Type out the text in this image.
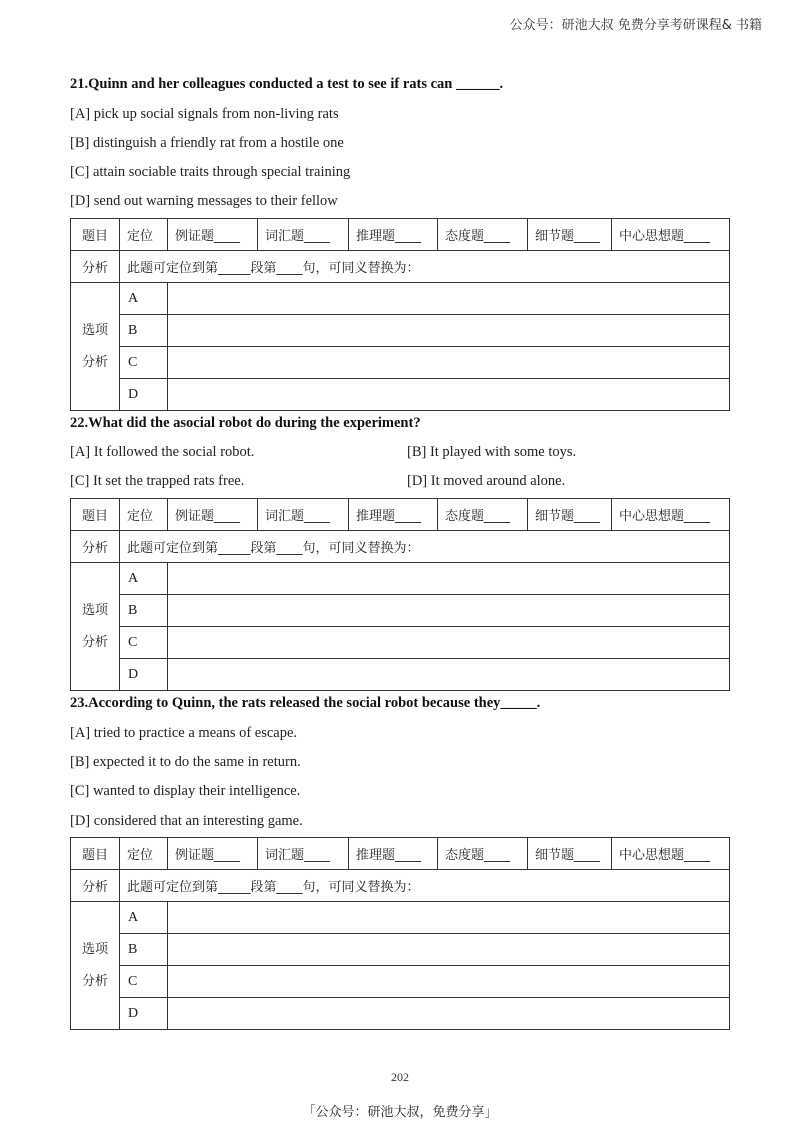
公众号：研池大叔 免费分享考研课程& 书籍
21.Quinn and her colleagues conducted a test to see if rats can ______.
[A] pick up social signals from non-living rats
[B] distinguish a friendly rat from a hostile one
[C] attain sociable traits through special training
[D] send out warning messages to their fellow
题目	定位	例证题____	词汇题____	推理题____	态度题____	细节题____	中心思想题____
分析	此题可定位到第_____段第____句，可同义替换为：						

选项
分析	A						
	B						
	C						
	D						
22.What did the asocial robot do during the experiment?
[A] It followed the social robot.	[B] It played with some toys.
[C] It set the trapped rats free.	[D] It moved around alone.
题目	定位	例证题____	词汇题____	推理题____	态度题____	细节题____	中心思想题____
分析	此题可定位到第_____段第____句，可同义替换为：						

选项
分析	A						
	B						
	C						
	D						
23.According to Quinn, the rats released the social robot because they_____.
[A] tried to practice a means of escape.
[B] expected it to do the same in return.
[C] wanted to display their intelligence.
[D] considered that an interesting game.
题目	定位	例证题____	词汇题____	推理题____	态度题____	细节题____	中心思想题____
分析	此题可定位到第_____段第____句，可同义替换为：						

选项
分析	A						
	B						
	C						
	D						
202
「公众号：研池大叔，免费分享」
